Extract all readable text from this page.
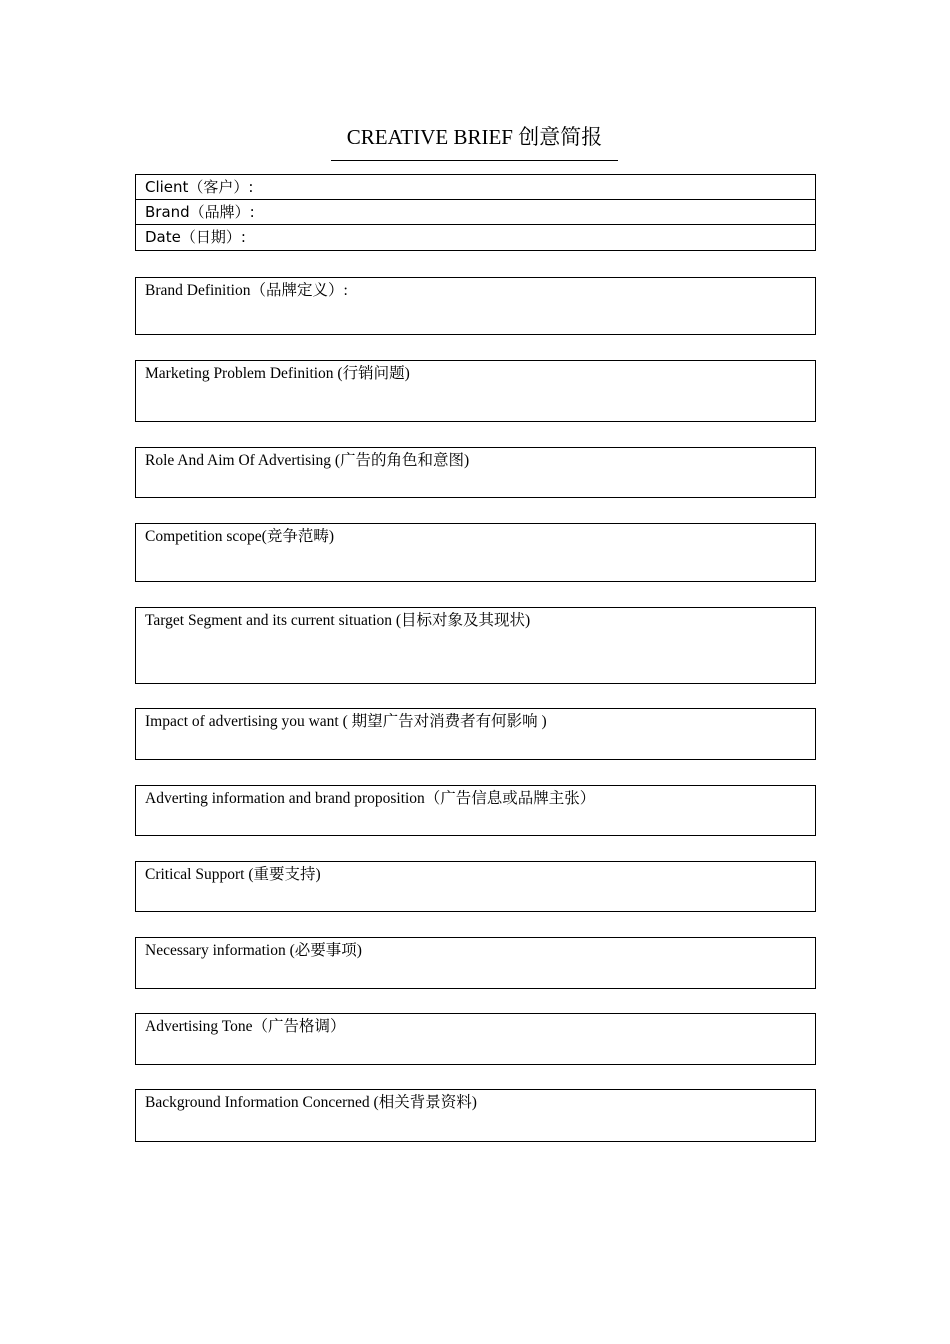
CREATIVE BRIEF 创意简报
Client（客户）:
Brand（品牌）:
Date（日期）:
Brand Definition（品牌定义）:
Marketing Problem Definition (行销问题)
Role And Aim Of Advertising (广告的角色和意图)
Competition scope(竞争范畴)
Target Segment and its current situation (目标对象及其现状)
Impact of advertising you want ( 期望广告对消费者有何影响 )
Adverting information and brand proposition（广告信息或品牌主张）
Critical Support (重要支持)
Necessary information (必要事项)
Advertising Tone（广告格调）
Background Information Concerned (相关背景资料)
